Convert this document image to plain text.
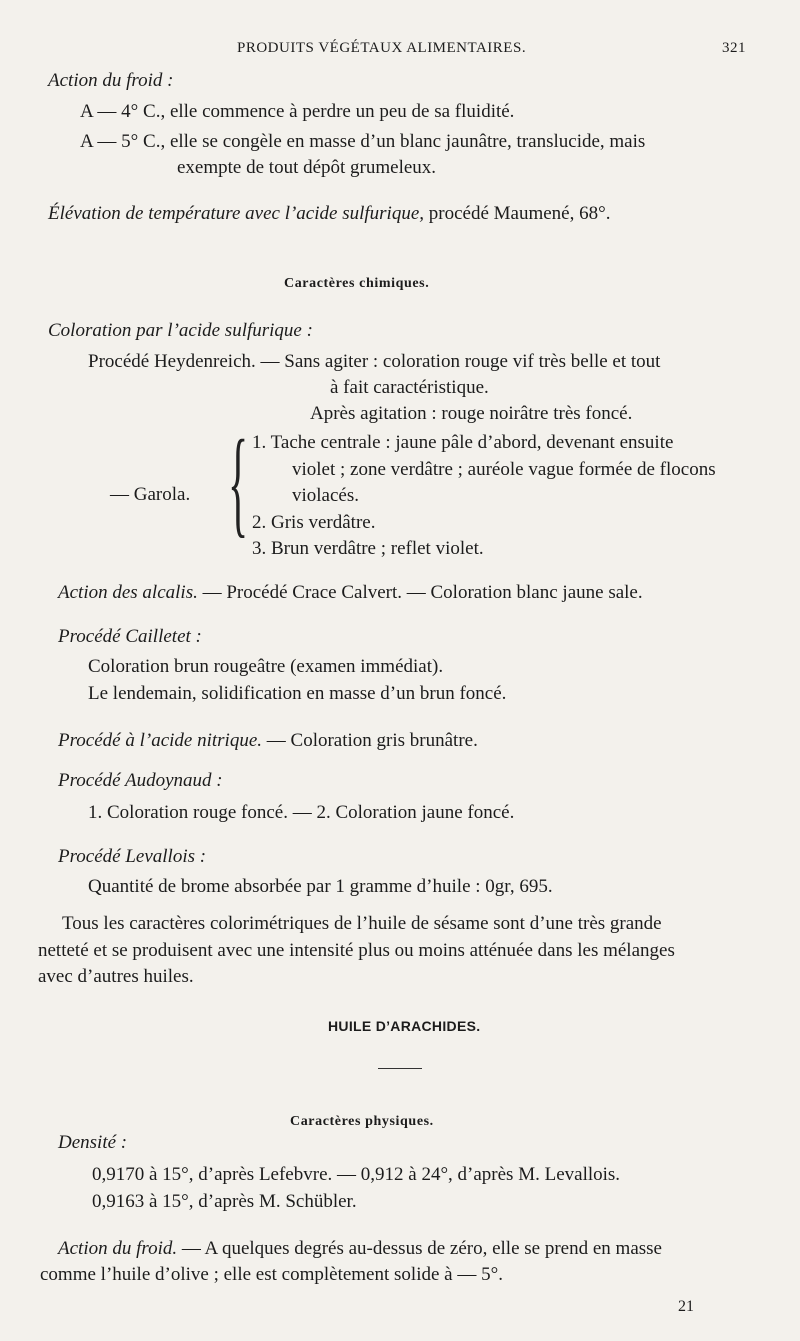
PRODUITS VÉGÉTAUX ALIMENTAIRES.	321
Action du froid :
A — 4° C., elle commence à perdre un peu de sa fluidité.
A — 5° C., elle se congèle en masse d’un blanc jaunâtre, translucide, mais
exempte de tout dépôt grumeleux.
Élévation de température avec l’acide sulfurique, procédé Maumené, 68°.
Caractères chimiques.
Coloration par l’acide sulfurique :
Procédé Heydenreich. — Sans agiter : coloration rouge vif très belle et tout
à fait caractéristique.
Après agitation : rouge noirâtre très foncé.
— Garola. { 1. Tache centrale : jaune pâle d’abord, devenant ensuite
violet ; zone verdâtre ; auréole vague formée de flocons
violacés.
2. Gris verdâtre.
3. Brun verdâtre ; reflet violet.
Action des alcalis. — Procédé Crace Calvert. — Coloration blanc jaune sale.
Procédé Cailletet :
Coloration brun rougeâtre (examen immédiat).
Le lendemain, solidification en masse d’un brun foncé.
Procédé à l’acide nitrique. — Coloration gris brunâtre.
Procédé Audoynaud :
1. Coloration rouge foncé. — 2. Coloration jaune foncé.
Procédé Levallois :
Quantité de brome absorbée par 1 gramme d’huile : 0gr, 695.
Tous les caractères colorimétriques de l’huile de sésame sont d’une très grande
netteté et se produisent avec une intensité plus ou moins atténuée dans les mélanges
avec d’autres huiles.
HUILE D’ARACHIDES.
Caractères physiques.
Densité :
0,9170 à 15°, d’après Lefebvre. — 0,912 à 24°, d’après M. Levallois.
0,9163 à 15°, d’après M. Schübler.
Action du froid. — A quelques degrés au-dessus de zéro, elle se prend en masse
comme l’huile d’olive ; elle est complètement solide à — 5°.
21
